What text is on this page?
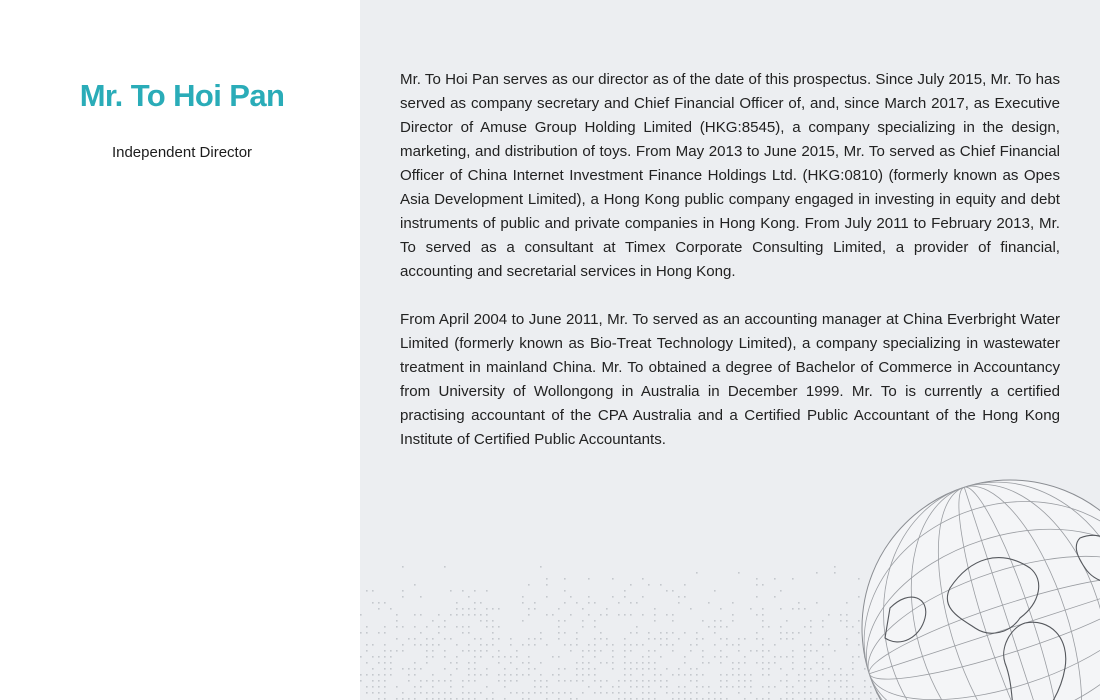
Mr. To Hoi Pan
Independent Director

Mr. To Hoi Pan serves as our director as of the date of this prospectus. Since July 2015, Mr. To has served as company secretary and Chief Financial Officer of, and, since March 2017, as Executive Director of Amuse Group Holding Limited (HKG:8545), a company specializing in the design, marketing, and distribution of toys. From May 2013 to June 2015, Mr. To served as Chief Financial Officer of China Internet Investment Finance Holdings Ltd. (HKG:0810) (formerly known as Opes Asia Development Limited), a Hong Kong public company engaged in investing in equity and debt instruments of public and private companies in Hong Kong. From July 2011 to February 2013, Mr. To served as a consultant at Timex Corporate Consulting Limited, a provider of financial, accounting and secretarial services in Hong Kong.

From April 2004 to June 2011, Mr. To served as an accounting manager at China Everbright Water Limited (formerly known as Bio-Treat Technology Limited), a company specializing in wastewater treatment in mainland China. Mr. To obtained a degree of Bachelor of Commerce in Accountancy from University of Wollongong in Australia in December 1999. Mr. To is currently a certified practising accountant of the CPA Australia and a Certified Public Accountant of the Hong Kong Institute of Certified Public Accountants.
